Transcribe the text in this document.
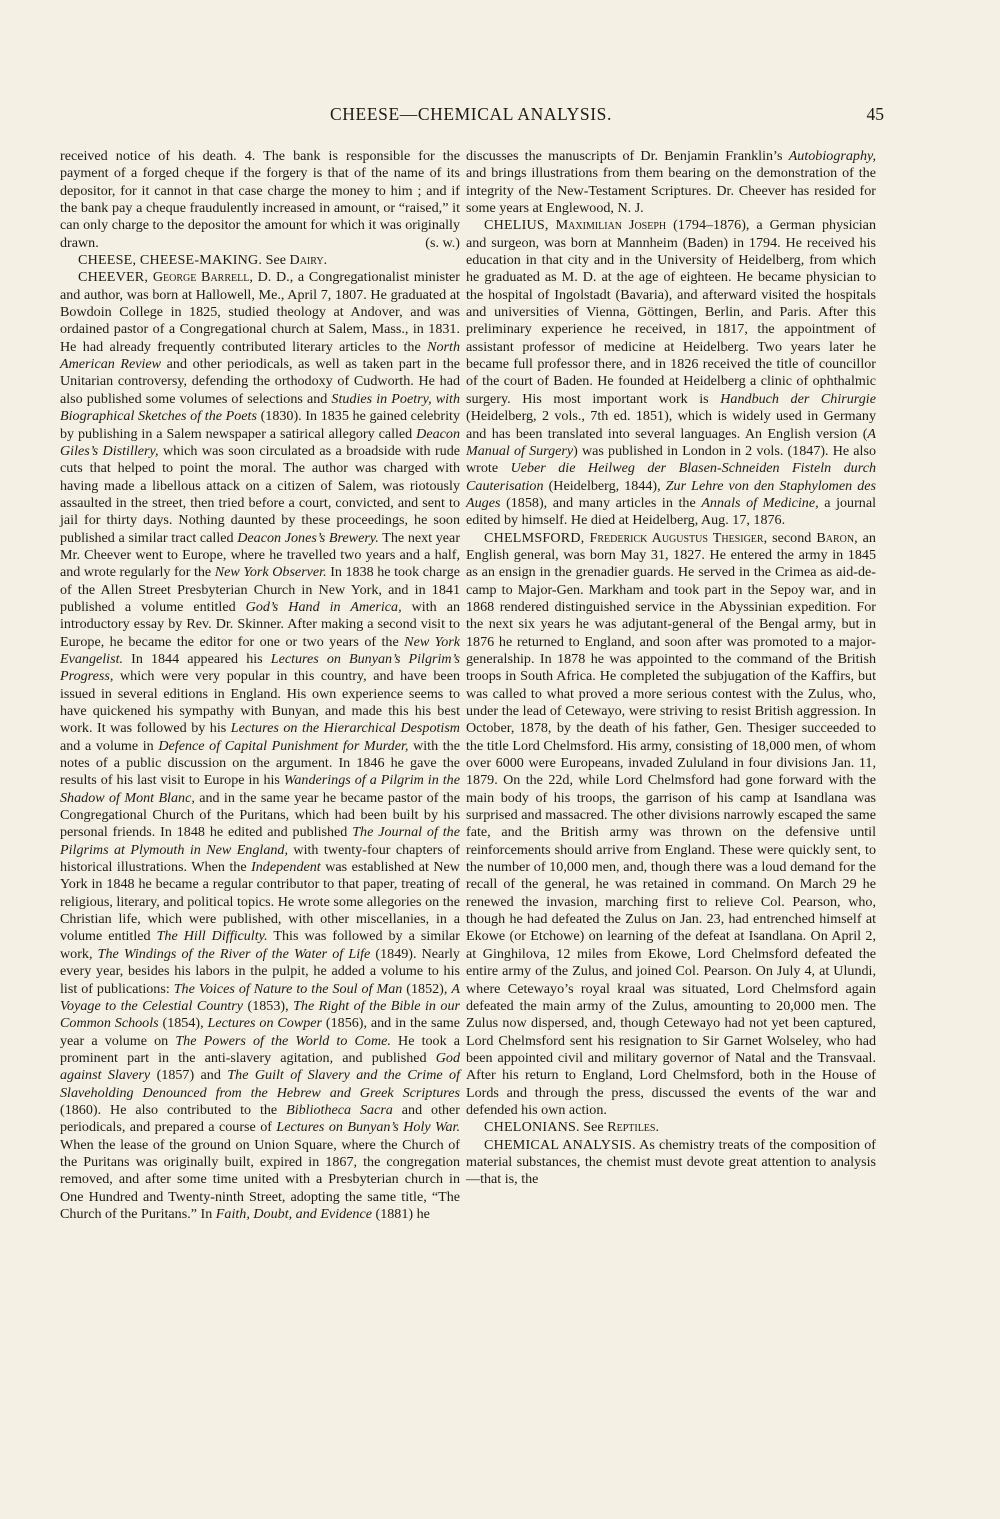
CHEESE—CHEMICAL ANALYSIS.	45

received notice of his death. 4. The bank is responsible for the payment of a forged cheque if the forgery is that of the name of its depositor, for it cannot in that case charge the money to him ; and if the bank pay a cheque fraudulently increased in amount, or “raised,” it can only charge to the depositor the amount for which it was originally drawn.	(s. w.)

CHEESE, CHEESE-MAKING. See Dairy.

CHEEVER, George Barrell, D. D., a Congregationalist minister and author, was born at Hallowell, Me., April 7, 1807. He graduated at Bowdoin College in 1825, studied theology at Andover, and was ordained pastor of a Congregational church at Salem, Mass., in 1831. He had already frequently contributed literary articles to the North American Review and other periodicals, as well as taken part in the Unitarian controversy, defending the orthodoxy of Cudworth. He had also published some volumes of selections and Studies in Poetry, with Biographical Sketches of the Poets (1830). In 1835 he gained celebrity by publishing in a Salem newspaper a satirical allegory called Deacon Giles’s Distillery, which was soon circulated as a broadside with rude cuts that helped to point the moral. The author was charged with having made a libellous attack on a citizen of Salem, was riotously assaulted in the street, then tried before a court, convicted, and sent to jail for thirty days. Nothing daunted by these proceedings, he soon published a similar tract called Deacon Jones’s Brewery. The next year Mr. Cheever went to Europe, where he travelled two years and a half, and wrote regularly for the New York Observer. In 1838 he took charge of the Allen Street Presbyterian Church in New York, and in 1841 published a volume entitled God’s Hand in America, with an introductory essay by Rev. Dr. Skinner. After making a second visit to Europe, he became the editor for one or two years of the New York Evangelist. In 1844 appeared his Lectures on Bunyan’s Pilgrim’s Progress, which were very popular in this country, and have been issued in several editions in England. His own experience seems to have quickened his sympathy with Bunyan, and made this his best work. It was followed by his Lectures on the Hierarchical Despotism and a volume in Defence of Capital Punishment for Murder, with the notes of a public discussion on the argument. In 1846 he gave the results of his last visit to Europe in his Wanderings of a Pilgrim in the Shadow of Mont Blanc, and in the same year he became pastor of the Congregational Church of the Puritans, which had been built by his personal friends. In 1848 he edited and published The Journal of the Pilgrims at Plymouth in New England, with twenty-four chapters of historical illustrations. When the Independent was established at New York in 1848 he became a regular contributor to that paper, treating of religious, literary, and political topics. He wrote some allegories on the Christian life, which were published, with other miscellanies, in a volume entitled The Hill Difficulty. This was followed by a similar work, The Windings of the River of the Water of Life (1849). Nearly every year, besides his labors in the pulpit, he added a volume to his list of publications: The Voices of Nature to the Soul of Man (1852), A Voyage to the Celestial Country (1853), The Right of the Bible in our Common Schools (1854), Lectures on Cowper (1856), and in the same year a volume on The Powers of the World to Come. He took a prominent part in the anti-slavery agitation, and published God against Slavery (1857) and The Guilt of Slavery and the Crime of Slaveholding Denounced from the Hebrew and Greek Scriptures (1860). He also contributed to the Bibliotheca Sacra and other periodicals, and prepared a course of Lectures on Bunyan’s Holy War. When the lease of the ground on Union Square, where the Church of the Puritans was originally built, expired in 1867, the congregation removed, and after some time united with a Presbyterian church in One Hundred and Twenty-ninth Street, adopting the same title, “The Church of the Puritans.” In Faith, Doubt, and Evidence (1881) he

discusses the manuscripts of Dr. Benjamin Franklin’s Autobiography, and brings illustrations from them bearing on the demonstration of the integrity of the New-Testament Scriptures. Dr. Cheever has resided for some years at Englewood, N. J.

CHELIUS, Maximilian Joseph (1794–1876), a German physician and surgeon, was born at Mannheim (Baden) in 1794. He received his education in that city and in the University of Heidelberg, from which he graduated as M. D. at the age of eighteen. He became physician to the hospital of Ingolstadt (Bavaria), and afterward visited the hospitals and universities of Vienna, Göttingen, Berlin, and Paris. After this preliminary experience he received, in 1817, the appointment of assistant professor of medicine at Heidelberg. Two years later he became full professor there, and in 1826 received the title of councillor of the court of Baden. He founded at Heidelberg a clinic of ophthalmic surgery. His most important work is Handbuch der Chirurgie (Heidelberg, 2 vols., 7th ed. 1851), which is widely used in Germany and has been translated into several languages. An English version (A Manual of Surgery) was published in London in 2 vols. (1847). He also wrote Ueber die Heilweg der Blasen-Schneiden Fisteln durch Cauterisation (Heidelberg, 1844), Zur Lehre von den Staphylomen des Auges (1858), and many articles in the Annals of Medicine, a journal edited by himself. He died at Heidelberg, Aug. 17, 1876.

CHELMSFORD, Frederick Augustus Thesiger, second Baron, an English general, was born May 31, 1827. He entered the army in 1845 as an ensign in the grenadier guards. He served in the Crimea as aid-de-camp to Major-Gen. Markham and took part in the Sepoy war, and in 1868 rendered distinguished service in the Abyssinian expedition. For the next six years he was adjutant-general of the Bengal army, but in 1876 he returned to England, and soon after was promoted to a major-generalship. In 1878 he was appointed to the command of the British troops in South Africa. He completed the subjugation of the Kaffirs, but was called to what proved a more serious contest with the Zulus, who, under the lead of Cetewayo, were striving to resist British aggression. In October, 1878, by the death of his father, Gen. Thesiger succeeded to the title Lord Chelmsford. His army, consisting of 18,000 men, of whom over 6000 were Europeans, invaded Zululand in four divisions Jan. 11, 1879. On the 22d, while Lord Chelmsford had gone forward with the main body of his troops, the garrison of his camp at Isandlana was surprised and massacred. The other divisions narrowly escaped the same fate, and the British army was thrown on the defensive until reinforcements should arrive from England. These were quickly sent, to the number of 10,000 men, and, though there was a loud demand for the recall of the general, he was retained in command. On March 29 he renewed the invasion, marching first to relieve Col. Pearson, who, though he had defeated the Zulus on Jan. 23, had entrenched himself at Ekowe (or Etchowe) on learning of the defeat at Isandlana. On April 2, at Ginghilova, 12 miles from Ekowe, Lord Chelmsford defeated the entire army of the Zulus, and joined Col. Pearson. On July 4, at Ulundi, where Cetewayo’s royal kraal was situated, Lord Chelmsford again defeated the main army of the Zulus, amounting to 20,000 men. The Zulus now dispersed, and, though Cetewayo had not yet been captured, Lord Chelmsford sent his resignation to Sir Garnet Wolseley, who had been appointed civil and military governor of Natal and the Transvaal. After his return to England, Lord Chelmsford, both in the House of Lords and through the press, discussed the events of the war and defended his own action.

CHELONIANS. See Reptiles.

CHEMICAL ANALYSIS. As chemistry treats of the composition of material substances, the chemist must devote great attention to analysis—that is, the
